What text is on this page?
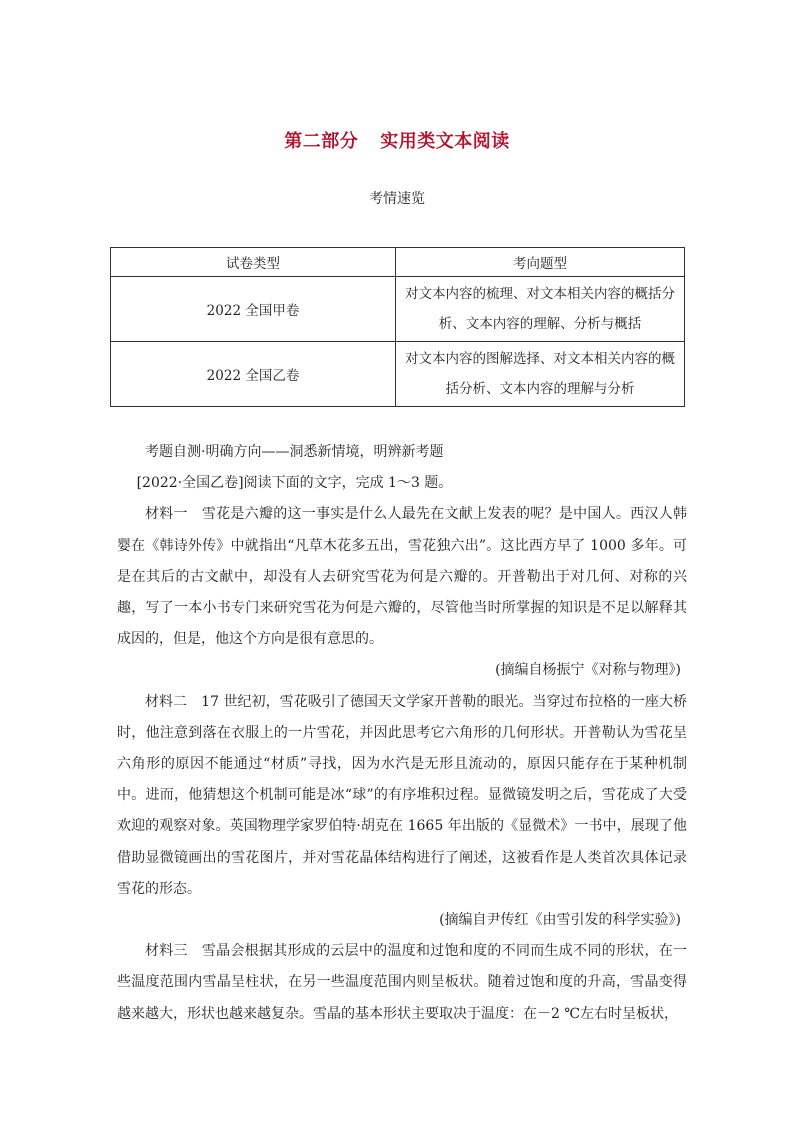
第二部分 实用类文本阅读
考情速览
试卷类型	考向题型
2022 全国甲卷	对文本内容的梳理、对文本相关内容的概括分
析、文本内容的理解、分析与概括

2022 全国乙卷	对文本内容的图解选择、对文本相关内容的概
括分析、文本内容的理解与分析

考题自测·明确方向——洞悉新情境，明辨新考题

[2022·全国乙卷]阅读下面的文字，完成 1～3 题。

材料一 雪花是六瓣的这一事实是什么人最先在文献上发表的呢？是中国人。西汉人韩婴在《韩诗外传》中就指出“凡草木花多五出，雪花独六出”。这比西方早了 1000 多年。可是在其后的古文献中，却没有人去研究雪花为何是六瓣的。开普勒出于对几何、对称的兴趣，写了一本小书专门来研究雪花为何是六瓣的，尽管他当时所掌握的知识是不足以解释其成因的，但是，他这个方向是很有意思的。

(摘编自杨振宁《对称与物理》)

材料二 17 世纪初，雪花吸引了德国天文学家开普勒的眼光。当穿过布拉格的一座大桥时，他注意到落在衣服上的一片雪花，并因此思考它六角形的几何形状。开普勒认为雪花呈六角形的原因不能通过“材质”寻找，因为水汽是无形且流动的，原因只能存在于某种机制中。进而，他猜想这个机制可能是冰“球”的有序堆积过程。显微镜发明之后，雪花成了大受欢迎的观察对象。英国物理学家罗伯特·胡克在 1665 年出版的《显微术》一书中，展现了他借助显微镜画出的雪花图片，并对雪花晶体结构进行了阐述，这被看作是人类首次具体记录雪花的形态。

(摘编自尹传红《由雪引发的科学实验》)

材料三 雪晶会根据其形成的云层中的温度和过饱和度的不同而生成不同的形状，在一些温度范围内雪晶呈柱状，在另一些温度范围内则呈板状。随着过饱和度的升高，雪晶变得越来越大，形状也越来越复杂。雪晶的基本形状主要取决于温度：在－2 ℃左右时呈板状，
